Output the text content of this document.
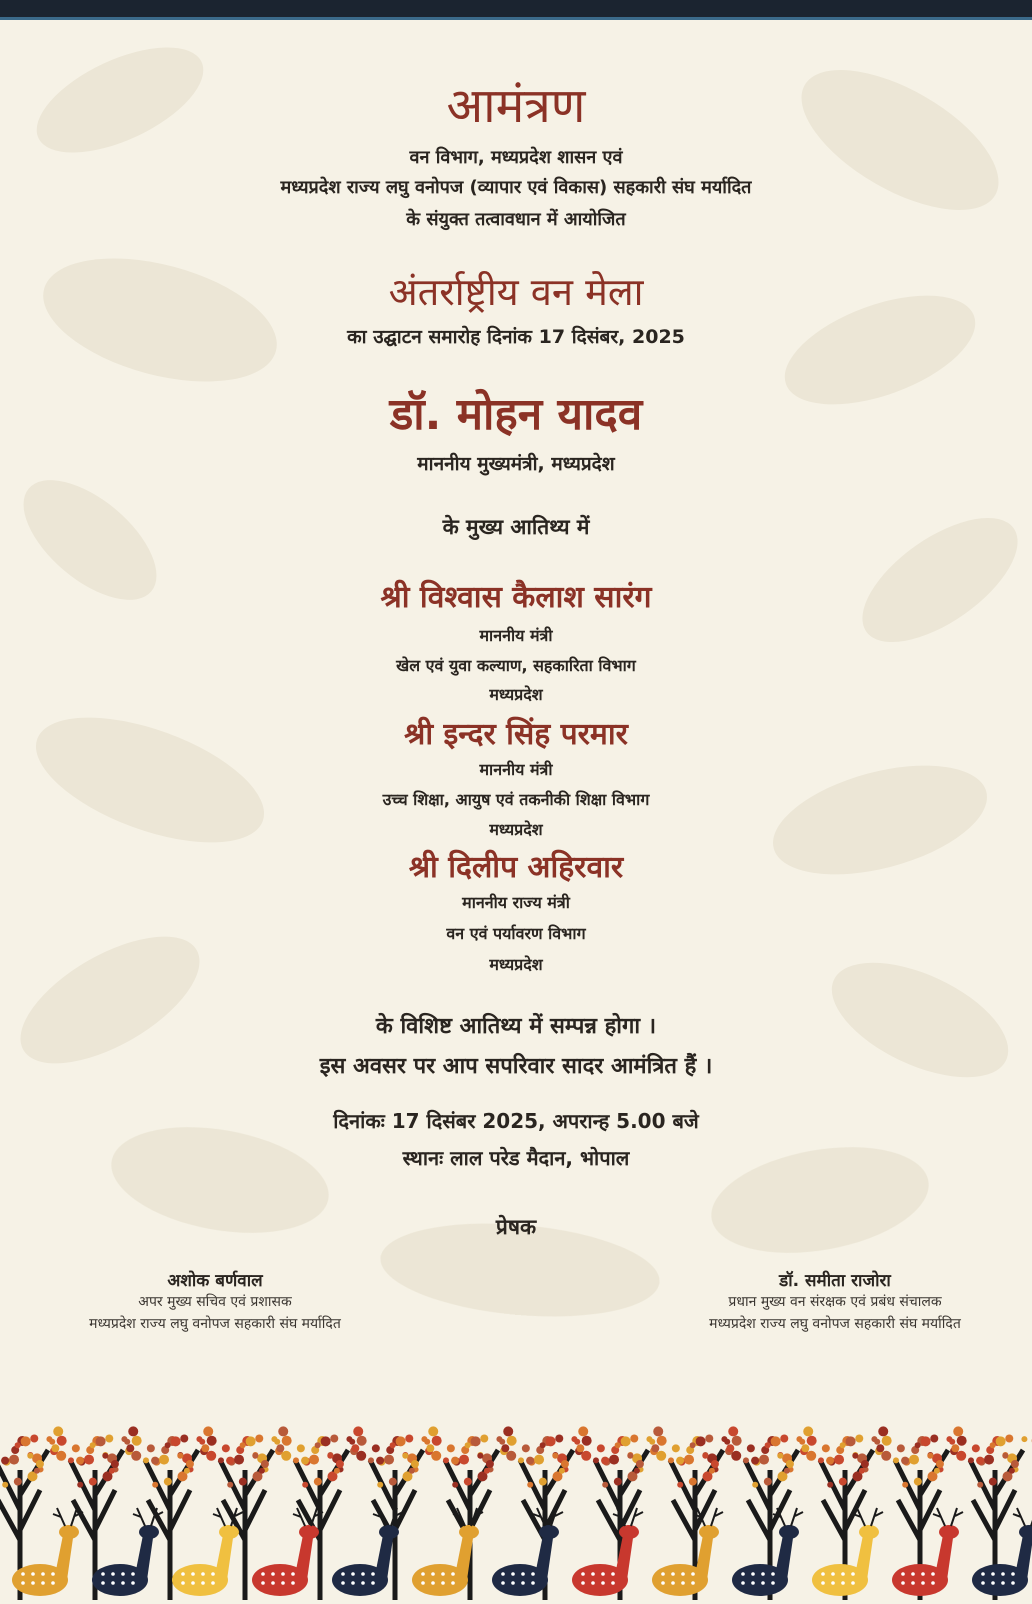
आमंत्रण
वन विभाग, मध्यप्रदेश शासन एवं
मध्यप्रदेश राज्य लघु वनोपज (व्यापार एवं विकास) सहकारी संघ मर्यादित
के संयुक्त तत्वावधान में आयोजित
अंतर्राष्ट्रीय वन मेला
का उद्घाटन समारोह दिनांक 17 दिसंबर, 2025
डॉ. मोहन यादव
माननीय मुख्यमंत्री, मध्यप्रदेश
के मुख्य आतिथ्य में
श्री विश्वास कैलाश सारंग
माननीय मंत्री
खेल एवं युवा कल्याण, सहकारिता विभाग
मध्यप्रदेश
श्री इन्दर सिंह परमार
माननीय मंत्री
उच्च शिक्षा, आयुष एवं तकनीकी शिक्षा विभाग
मध्यप्रदेश
श्री दिलीप अहिरवार
माननीय राज्य मंत्री
वन एवं पर्यावरण विभाग
मध्यप्रदेश
के विशिष्ट आतिथ्य में सम्पन्न होगा ।
इस अवसर पर आप सपरिवार सादर आमंत्रित हैं ।
दिनांकः 17 दिसंबर 2025, अपरान्ह 5.00 बजे
स्थानः लाल परेड मैदान, भोपाल
प्रेषक
अशोक बर्णवाल
अपर मुख्य सचिव एवं प्रशासक
मध्यप्रदेश राज्य लघु वनोपज सहकारी संघ मर्यादित
डॉ. समीता राजोरा
प्रधान मुख्य वन संरक्षक एवं प्रबंध संचालक
मध्यप्रदेश राज्य लघु वनोपज सहकारी संघ मर्यादित
